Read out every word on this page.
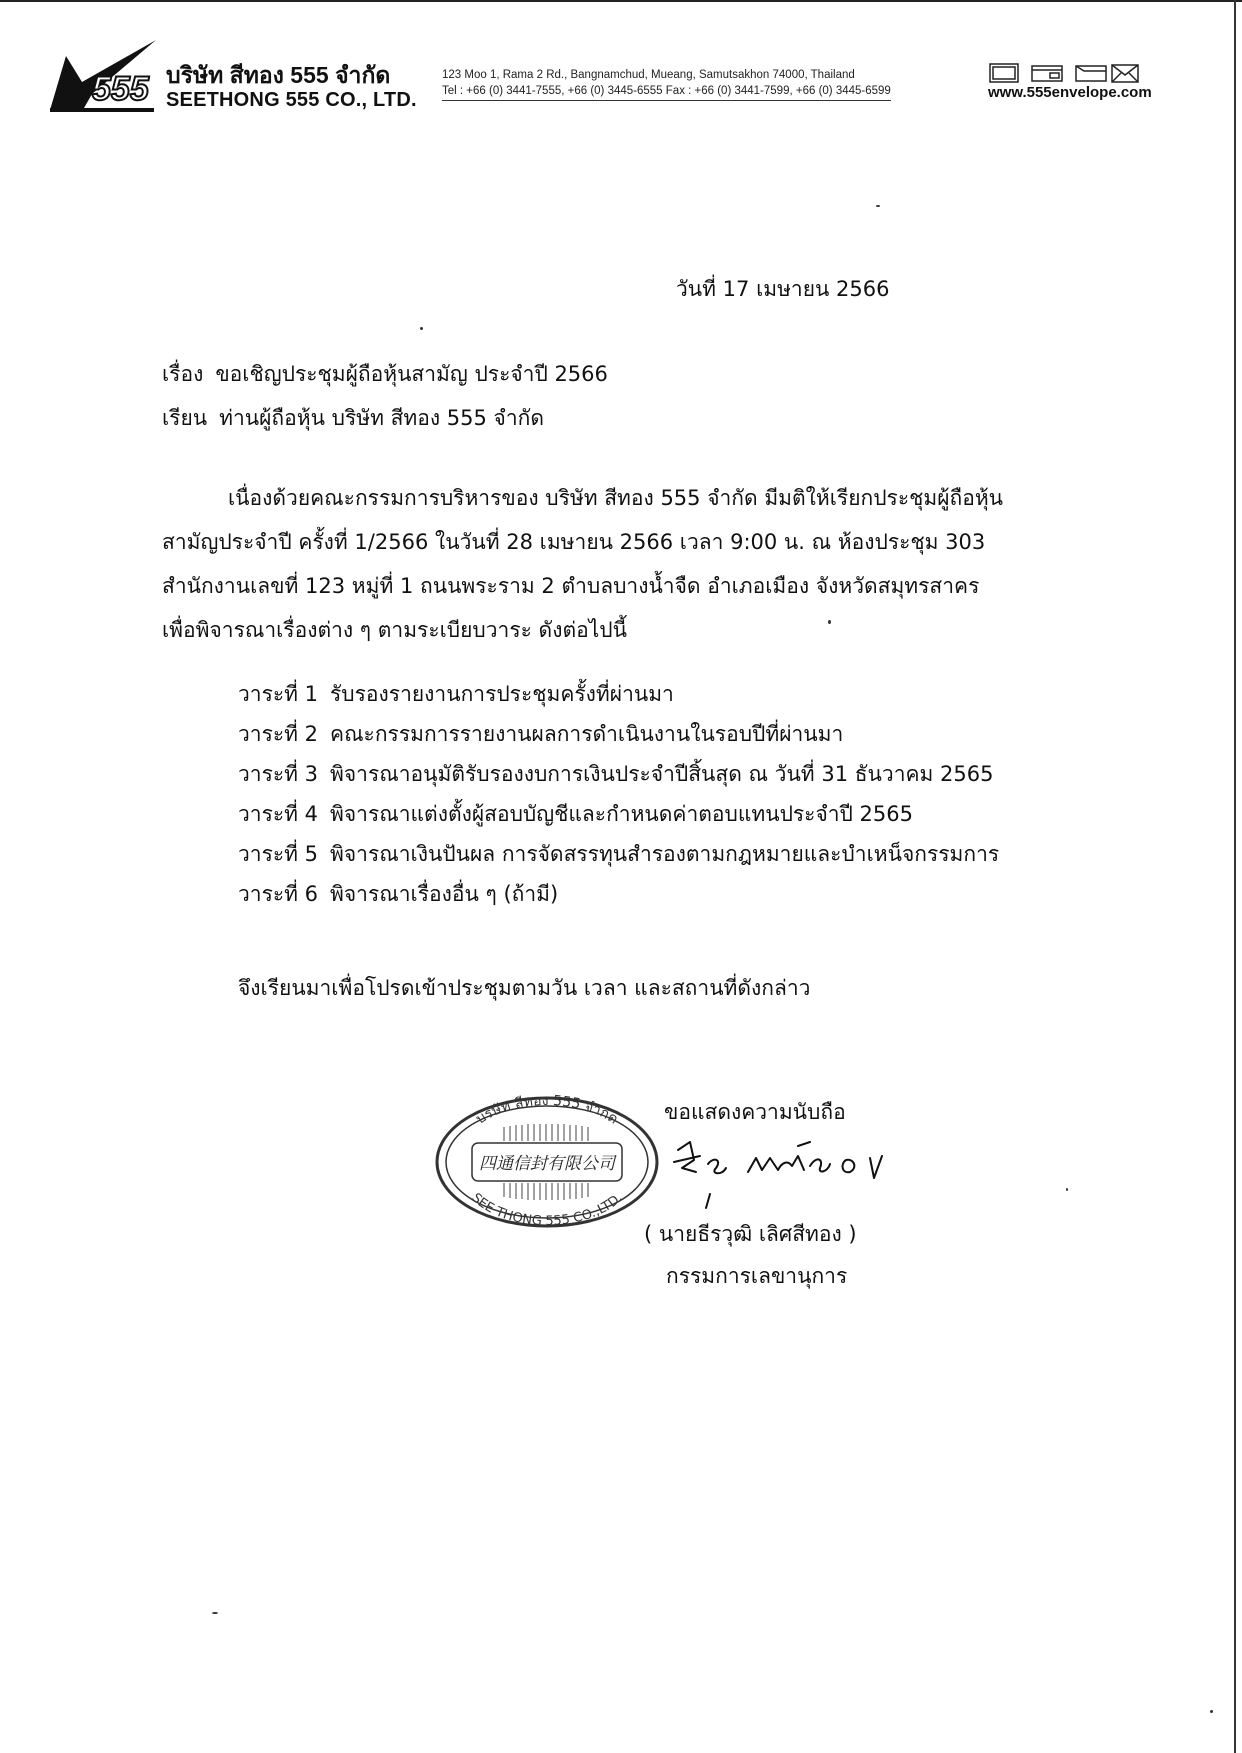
555 บริษัท สีทอง 555 จำกัด
SEETHONG 555 CO., LTD.
123 Moo 1, Rama 2 Rd., Bangnamchud, Mueang, Samutsakhon 74000, Thailand
Tel : +66 (0) 3441-7555, +66 (0) 3445-6555 Fax : +66 (0) 3441-7599, +66 (0) 3445-6599	www.555envelope.com
วันที่ 17 เมษายน 2566
เรื่อง ขอเชิญประชุมผู้ถือหุ้นสามัญ ประจำปี 2566
เรียน ท่านผู้ถือหุ้น บริษัท สีทอง 555 จำกัด
เนื่องด้วยคณะกรรมการบริหารของ บริษัท สีทอง 555 จำกัด มีมติให้เรียกประชุมผู้ถือหุ้น
สามัญประจำปี ครั้งที่ 1/2566 ในวันที่ 28 เมษายน 2566 เวลา 9:00 น. ณ ห้องประชุม 303
สำนักงานเลขที่ 123 หมู่ที่ 1 ถนนพระราม 2 ตำบลบางน้ำจืด อำเภอเมือง จังหวัดสมุทรสาคร
เพื่อพิจารณาเรื่องต่าง ๆ ตามระเบียบวาระ ดังต่อไปนี้
วาระที่ 1 รับรองรายงานการประชุมครั้งที่ผ่านมา
วาระที่ 2 คณะกรรมการรายงานผลการดำเนินงานในรอบปีที่ผ่านมา
วาระที่ 3 พิจารณาอนุมัติรับรองงบการเงินประจำปีสิ้นสุด ณ วันที่ 31 ธันวาคม 2565
วาระที่ 4 พิจารณาแต่งตั้งผู้สอบบัญชีและกำหนดค่าตอบแทนประจำปี 2565
วาระที่ 5 พิจารณาเงินปันผล การจัดสรรทุนสำรองตามกฎหมายและบำเหน็จกรรมการ
วาระที่ 6 พิจารณาเรื่องอื่น ๆ (ถ้ามี)
จึงเรียนมาเพื่อโปรดเข้าประชุมตามวัน เวลา และสถานที่ดังกล่าว
ขอแสดงความนับถือ
บริษัท สีทอง 555 จำกัด
四通信封有限公司
SEE THONG 555 CO.,LTD.
( นายธีรวุฒิ เลิศสีทอง )
กรรมการเลขานุการ
